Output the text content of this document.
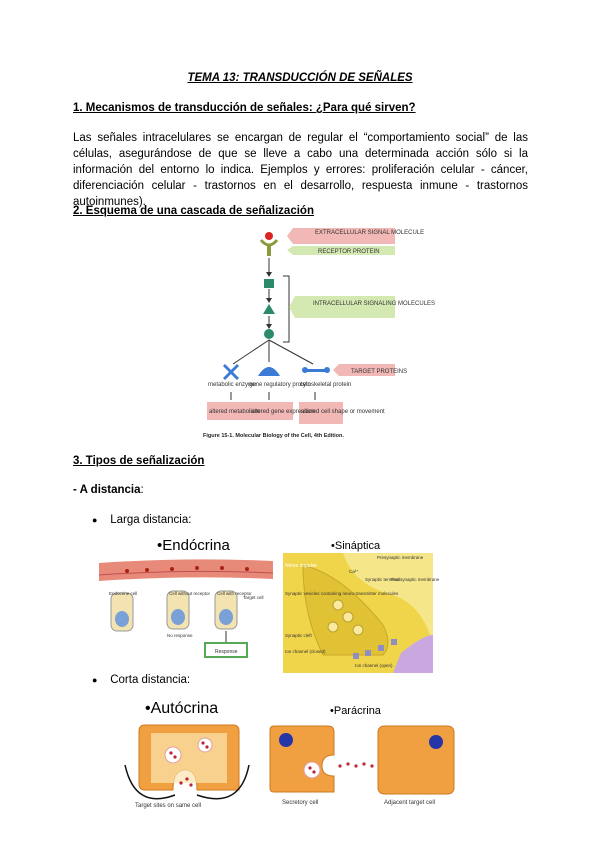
TEMA 13: TRANSDUCCIÓN DE SEÑALES
1. Mecanismos de transducción de señales: ¿Para qué sirven?
Las señales intracelulares se encargan de regular el “comportamiento social” de las células, asegurándose de que se lleve a cabo una determinada acción sólo si la información del entorno lo indica. Ejemplos y errores: proliferación celular - cáncer, diferenciación celular - trastornos en el desarrollo, respuesta inmune - trastornos autoinmunes).
2. Esquema de una cascada de señalización
EXTRACELLULAR SIGNAL MOLECULE
RECEPTOR PROTEIN
INTRACELLULAR SIGNALING MOLECULES
TARGET PROTEINS
metabolic enzyme
gene regulatory protein
cytoskeletal protein
altered metabolism
altered gene expression
altered cell shape or movement
Figure 15-1. Molecular Biology of the Cell, 4th Edition.
3. Tipos de señalización
- A distancia:
● Larga distancia:
•Endócrina
Endocrine cell	Cell without receptor Cell with receptor
Target cell
No response
Response
•Sináptica
Nerve impulse
Presynaptic membrane
Ca²⁺
Synaptic terminal
Postsynaptic membrane
Synaptic vesicles containing neuro-transmitter molecules
Synaptic cleft
Ion channel (closed)
Ion channel (open)
● Corta distancia:
•Autócrina
Target sites on same cell
•Parácrina
Secretory cell	Adjacent target cell
